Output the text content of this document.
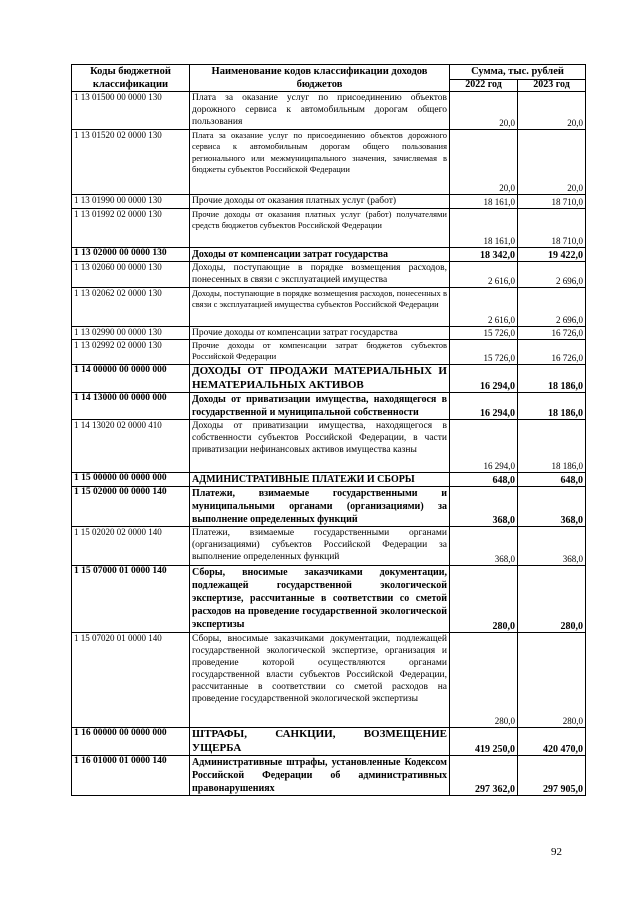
Коды бюджетной классификации	Наименование кодов классификации доходов бюджетов	Сумма, тыс. рублей	
		2022 год	2023 год
1 13 01500 00 0000 130	Плата за оказание услуг по присоединению объектов дорожного сервиса к автомобильным дорогам общего пользования	20,0	20,0
1 13 01520 02 0000 130	Плата за оказание услуг по присоединению объектов дорожного сервиса к автомобильным дорогам общего пользования регионального или межмуниципального значения, зачисляемая в бюджеты субъектов Российской Федерации	20,0	20,0
1 13 01990 00 0000 130	Прочие доходы от оказания платных услуг (работ)	18 161,0	18 710,0
1 13 01992 02 0000 130	Прочие доходы от оказания платных услуг (работ) получателями средств бюджетов субъектов Российской Федерации	18 161,0	18 710,0
1 13 02000 00 0000 130	Доходы от компенсации затрат государства	18 342,0	19 422,0
1 13 02060 00 0000 130	Доходы, поступающие в порядке возмещения расходов, понесенных в связи с эксплуатацией имущества	2 616,0	2 696,0
1 13 02062 02 0000 130	Доходы, поступающие в порядке возмещения расходов, понесенных в связи с эксплуатацией имущества субъектов Российской Федерации	2 616,0	2 696,0
1 13 02990 00 0000 130	Прочие доходы от компенсации затрат государства	15 726,0	16 726,0
1 13 02992 02 0000 130	Прочие доходы от компенсации затрат бюджетов субъектов Российской Федерации	15 726,0	16 726,0
1 14 00000 00 0000 000	ДОХОДЫ ОТ ПРОДАЖИ МАТЕРИАЛЬНЫХ И НЕМАТЕРИАЛЬНЫХ АКТИВОВ	16 294,0	18 186,0
1 14 13000 00 0000 000	Доходы от приватизации имущества, находящегося в государственной и муниципальной собственности	16 294,0	18 186,0
1 14 13020 02 0000 410	Доходы от приватизации имущества, находящегося в собственности субъектов Российской Федерации, в части приватизации нефинансовых активов имущества казны	16 294,0	18 186,0
1 15 00000 00 0000 000	АДМИНИСТРАТИВНЫЕ ПЛАТЕЖИ И СБОРЫ	648,0	648,0
1 15 02000 00 0000 140	Платежи, взимаемые государственными и муниципальными органами (организациями) за выполнение определенных функций	368,0	368,0
1 15 02020 02 0000 140	Платежи, взимаемые государственными органами (организациями) субъектов Российской Федерации за выполнение определенных функций	368,0	368,0
1 15 07000 01 0000 140	Сборы, вносимые заказчиками документации, подлежащей государственной экологической экспертизе, рассчитанные в соответствии со сметой расходов на проведение государственной экологической экспертизы	280,0	280,0
1 15 07020 01 0000 140	Сборы, вносимые заказчиками документации, подлежащей государственной экологической экспертизе, организация и проведение которой осуществляются органами государственной власти субъектов Российской Федерации, рассчитанные в соответствии со сметой расходов на проведение государственной экологической экспертизы	280,0	280,0
1 16 00000 00 0000 000	ШТРАФЫ, САНКЦИИ, ВОЗМЕЩЕНИЕ УЩЕРБА	419 250,0	420 470,0
1 16 01000 01 0000 140	Административные штрафы, установленные Кодексом Российской Федерации об административных правонарушениях	297 362,0	297 905,0
92
